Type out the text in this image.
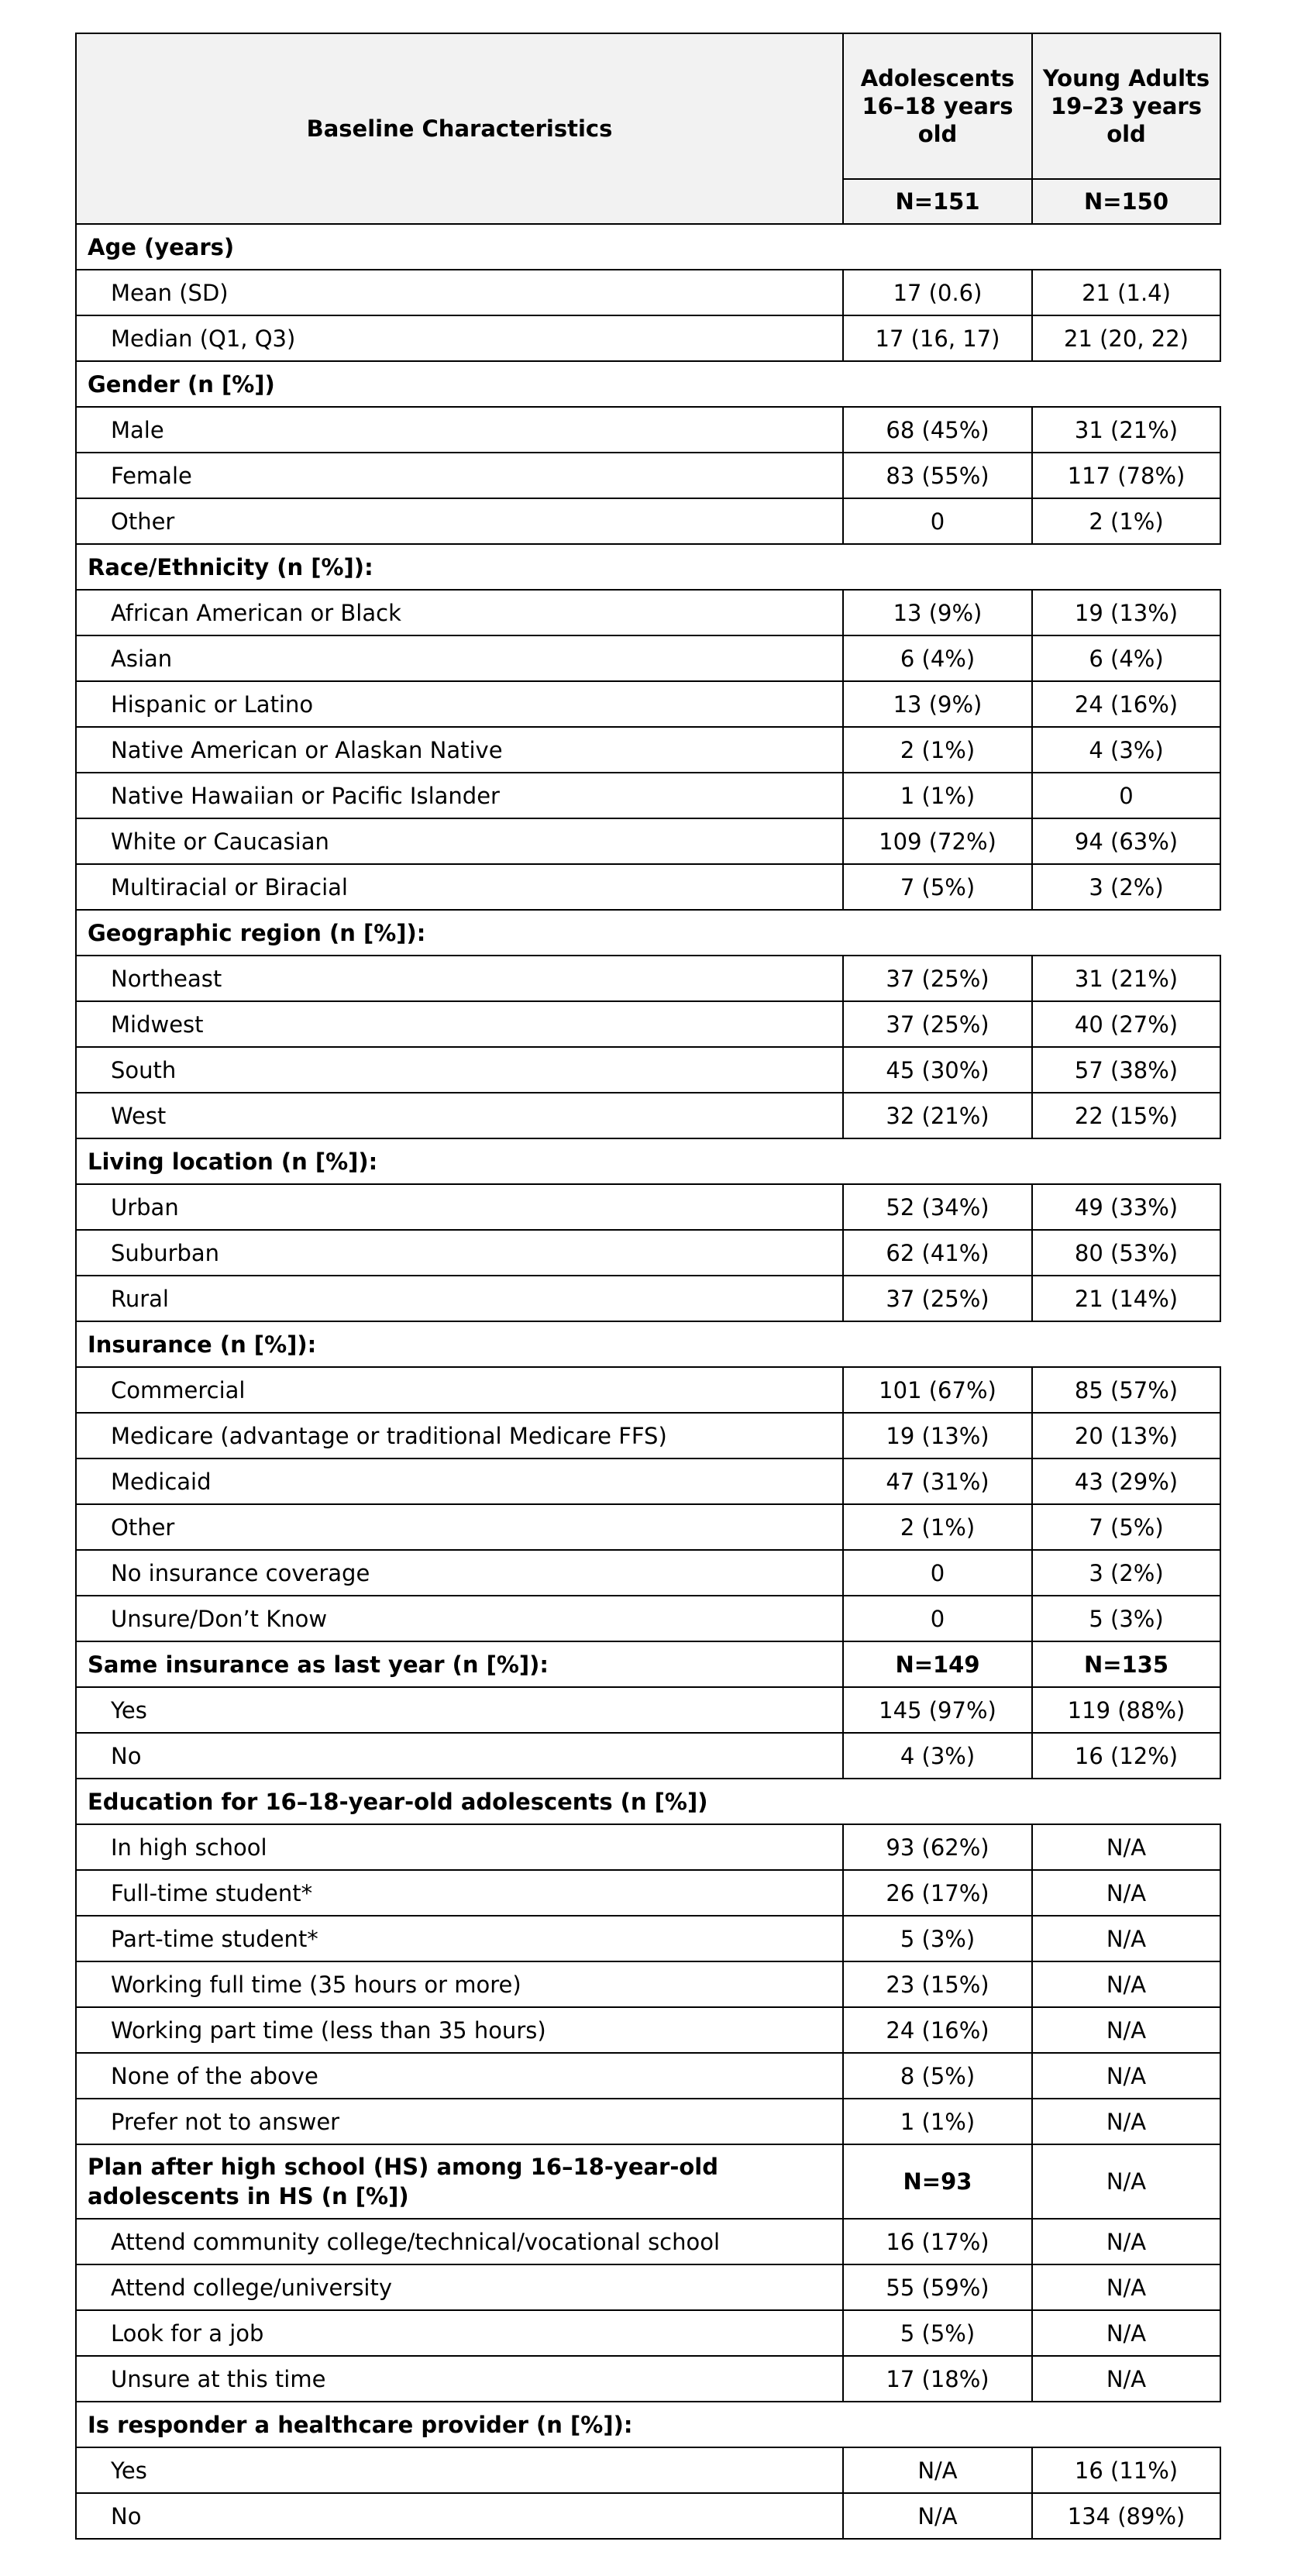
Baseline Characteristics	Adolescents 16–18 years old	Young Adults 19–23 years old
	N=151	N=150
Age (years)		
Mean (SD)	17 (0.6)	21 (1.4)
Median (Q1, Q3)	17 (16, 17)	21 (20, 22)
Gender (n [%])		
Male	68 (45%)	31 (21%)
Female	83 (55%)	117 (78%)
Other	0	2 (1%)
Race/Ethnicity (n [%]):		
African American or Black	13 (9%)	19 (13%)
Asian	6 (4%)	6 (4%)
Hispanic or Latino	13 (9%)	24 (16%)
Native American or Alaskan Native	2 (1%)	4 (3%)
Native Hawaiian or Pacific Islander	1 (1%)	0
White or Caucasian	109 (72%)	94 (63%)
Multiracial or Biracial	7 (5%)	3 (2%)
Geographic region (n [%]):		
Northeast	37 (25%)	31 (21%)
Midwest	37 (25%)	40 (27%)
South	45 (30%)	57 (38%)
West	32 (21%)	22 (15%)
Living location (n [%]):		
Urban	52 (34%)	49 (33%)
Suburban	62 (41%)	80 (53%)
Rural	37 (25%)	21 (14%)
Insurance (n [%]):		
Commercial	101 (67%)	85 (57%)
Medicare (advantage or traditional Medicare FFS)	19 (13%)	20 (13%)
Medicaid	47 (31%)	43 (29%)
Other	2 (1%)	7 (5%)
No insurance coverage	0	3 (2%)
Unsure/Don’t Know	0	5 (3%)
Same insurance as last year (n [%]):	N=149	N=135
Yes	145 (97%)	119 (88%)
No	4 (3%)	16 (12%)
Education for 16–18-year-old adolescents (n [%])		
In high school	93 (62%)	N/A
Full-time student*	26 (17%)	N/A
Part-time student*	5 (3%)	N/A
Working full time (35 hours or more)	23 (15%)	N/A
Working part time (less than 35 hours)	24 (16%)	N/A
None of the above	8 (5%)	N/A
Prefer not to answer	1 (1%)	N/A
Plan after high school (HS) among 16–18-year-old adolescents in HS (n [%])	N=93	N/A
Attend community college/technical/vocational school	16 (17%)	N/A
Attend college/university	55 (59%)	N/A
Look for a job	5 (5%)	N/A
Unsure at this time	17 (18%)	N/A
Is responder a healthcare provider (n [%]):		
Yes	N/A	16 (11%)
No	N/A	134 (89%)
